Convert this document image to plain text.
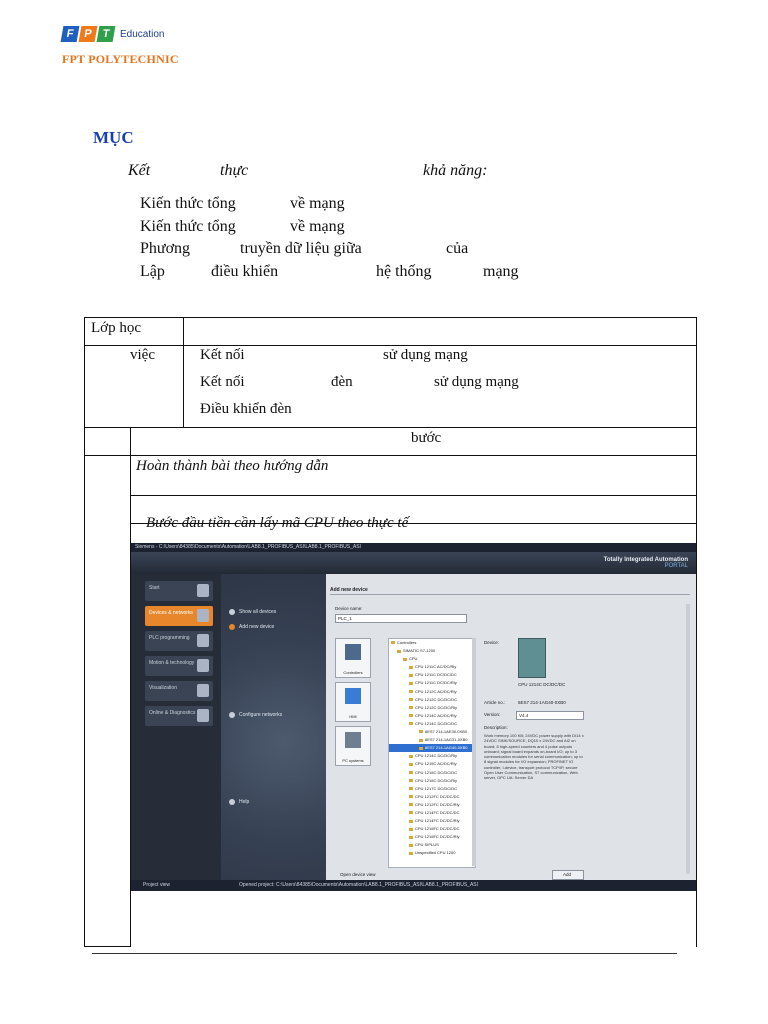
F P T Education
FPT POLYTECHNIC
MỤC
Kết	thực	khả năng:
Kiến thức tổng	về mạng
Kiến thức tổng	về mạng
Phương	truyền dữ liệu giữa	của
Lập	điều khiển	hệ thống	mạng
Lớp học
việc	Kết nối	sử dụng mạng
Kết nối	đèn	sử dụng mạng
Điều khiển đèn
bước
Hoàn thành bài theo hướng dẫn
Bước đầu tiền cần lấy mã CPU theo thực tế
Siemens - C:\Users\84385\Documents\Automation\LAB8.1_PROFIBUS_ASI\LAB8.1_PROFIBUS_ASI
Totally Integrated Automation
PORTAL
Start
Devices & networks
PLC programming
Motion & technology
Visualization
Online & Diagnostics
Show all devices
Add new device
Configure networks
Help
Add new device
Device name:
PLC_1
Controllers
HMI
PC systems
Controllers
SIMATIC S7-1200
CPU
CPU 1211C AC/DC/Rly
CPU 1211C DC/DC/DC
CPU 1211C DC/DC/Rly
CPU 1212C AC/DC/Rly
CPU 1212C DC/DC/DC
CPU 1212C DC/DC/Rly
CPU 1214C AC/DC/Rly
CPU 1214C DC/DC/DC
6ES7 214-1AE30-0XB0
6ES7 214-1AG31-0XB0
6ES7 214-1AG40-0XB0
CPU 1214C DC/DC/Rly
CPU 1215C AC/DC/Rly
CPU 1215C DC/DC/DC
CPU 1215C DC/DC/Rly
CPU 1217C DC/DC/DC
CPU 1212FC DC/DC/DC
CPU 1212FC DC/DC/Rly
CPU 1214FC DC/DC/DC
CPU 1214FC DC/DC/Rly
CPU 1215FC DC/DC/DC
CPU 1215FC DC/DC/Rly
CPU SIPLUS
Unspecified CPU 1200
Device:
CPU 1214C DC/DC/DC
Article no.:	6ES7 214-1AG40-0XB0
Version:	V4.4
Description:
Work memory 100 KB; 24VDC power supply with DI14 x 24VDC SINK/SOURCE, DQ10 x 24VDC and AI2 on board; 6 high-speed counters and 4 pulse outputs onboard; signal board expands on-board I/O; up to 3 communication modules for serial communication; up to 8 signal modules for I/O expansion; PROFINET IO controller, I-device, transport protocol TCP/IP, secure Open User Communication, S7 communication, Web server, OPC UA: Server DA
Open device view	Add
Project view	Opened project: C:\Users\84385\Documents\Automation\LAB8.1_PROFIBUS_ASI\LAB8.1_PROFIBUS_ASI
